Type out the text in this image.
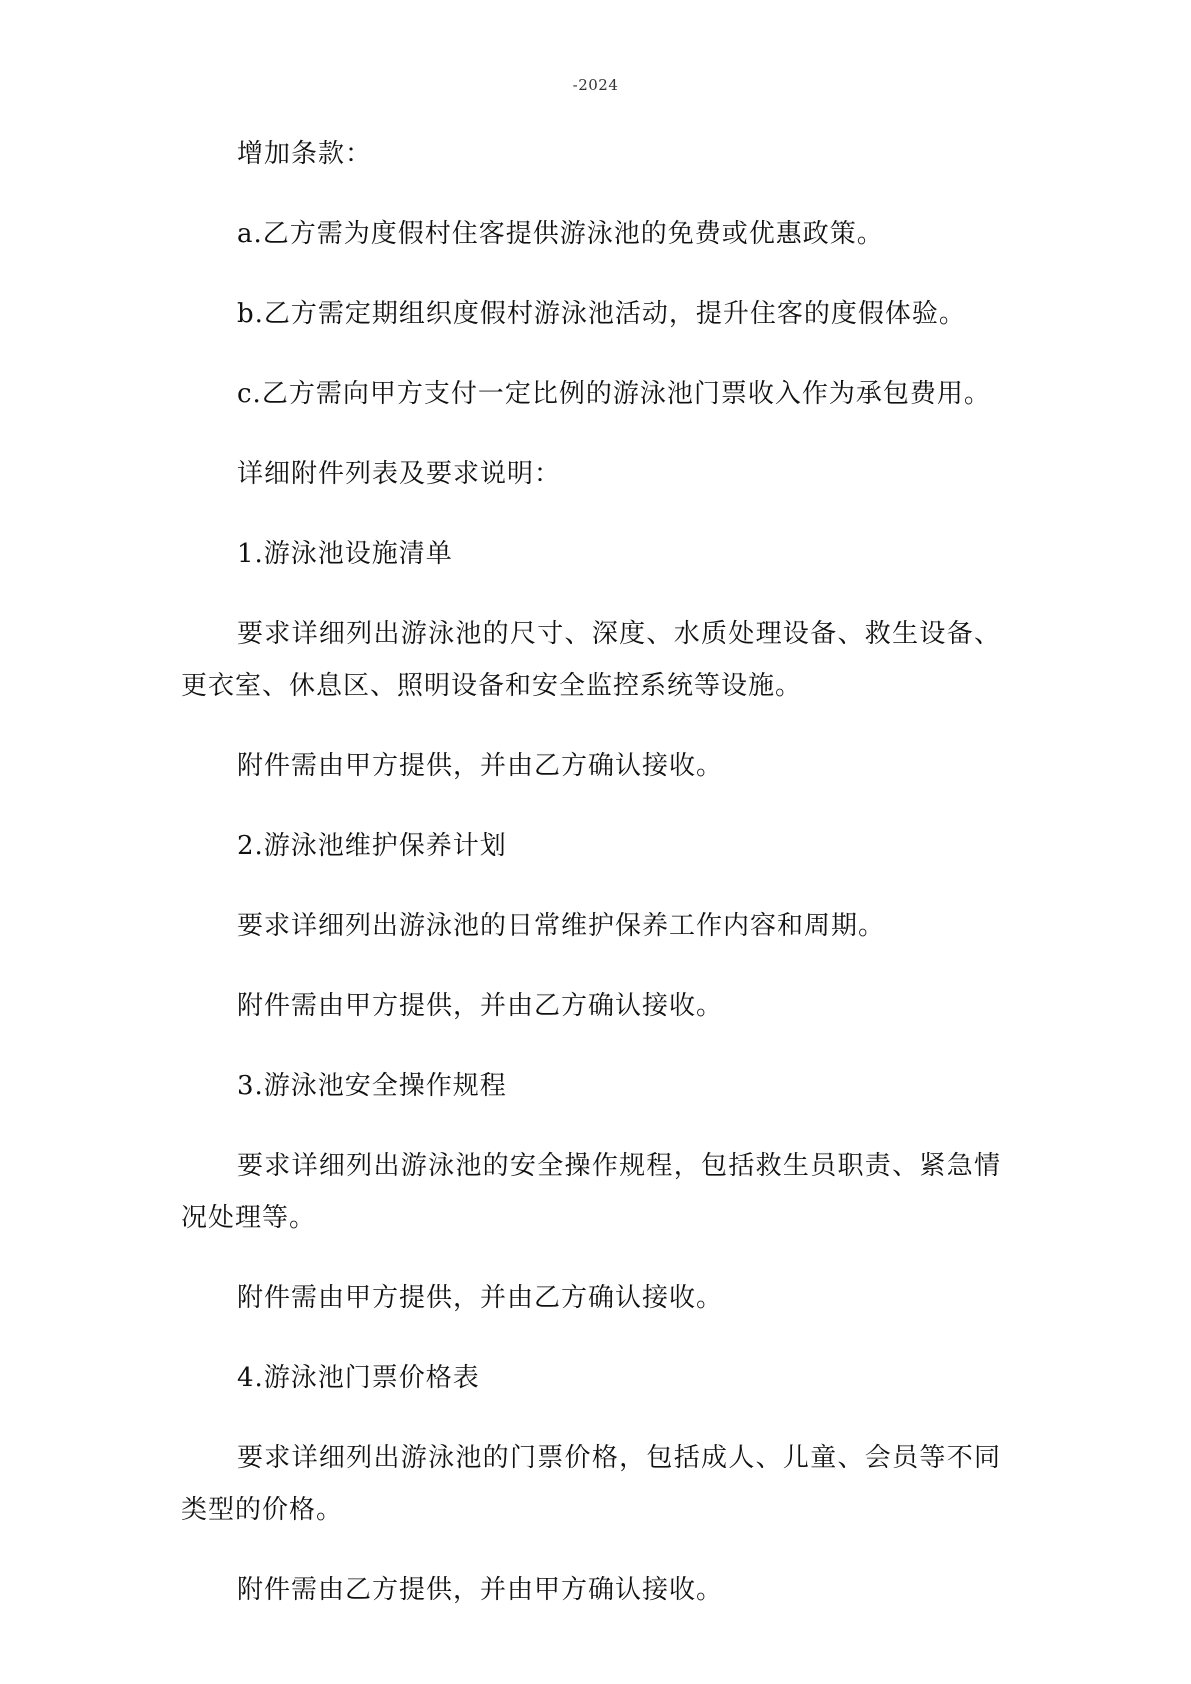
-2024

增加条款：

a.乙方需为度假村住客提供游泳池的免费或优惠政策。

b.乙方需定期组织度假村游泳池活动，提升住客的度假体验。

c.乙方需向甲方支付一定比例的游泳池门票收入作为承包费用。

详细附件列表及要求说明：

1.游泳池设施清单

要求详细列出游泳池的尺寸、深度、水质处理设备、救生设备、更衣室、休息区、照明设备和安全监控系统等设施。

附件需由甲方提供，并由乙方确认接收。

2.游泳池维护保养计划

要求详细列出游泳池的日常维护保养工作内容和周期。

附件需由甲方提供，并由乙方确认接收。

3.游泳池安全操作规程

要求详细列出游泳池的安全操作规程，包括救生员职责、紧急情况处理等。

附件需由甲方提供，并由乙方确认接收。

4.游泳池门票价格表

要求详细列出游泳池的门票价格，包括成人、儿童、会员等不同类型的价格。

附件需由乙方提供，并由甲方确认接收。
